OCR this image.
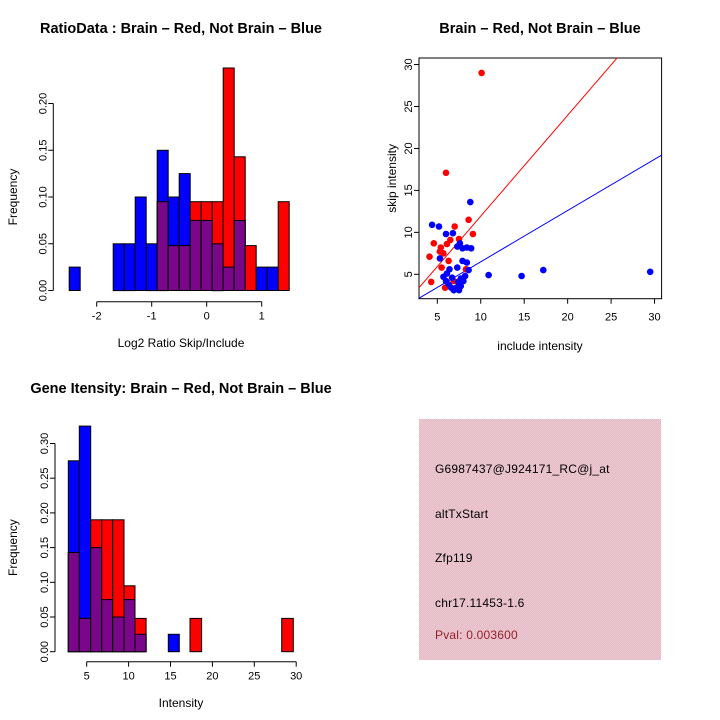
RatioData : Brain – Red, Not Brain – Blue
0.00
0.05
0.10
0.15
0.20
-2	-1	0	1
Log2 Ratio Skip/Include
Frequency
Brain – Red, Not Brain – Blue
5	10	15	20	25	30
5
10
15
20
25
30
include intensity
skip intensity
Gene Itensity: Brain – Red, Not Brain – Blue
0.00
0.05
0.10
0.15
0.20
0.25
0.30
5	10	15	20	25	30
Intensity
Frequency
G6987437@J924171_RC@j_at
altTxStart
Zfp119
chr17.11453-1.6
Pval: 0.003600
